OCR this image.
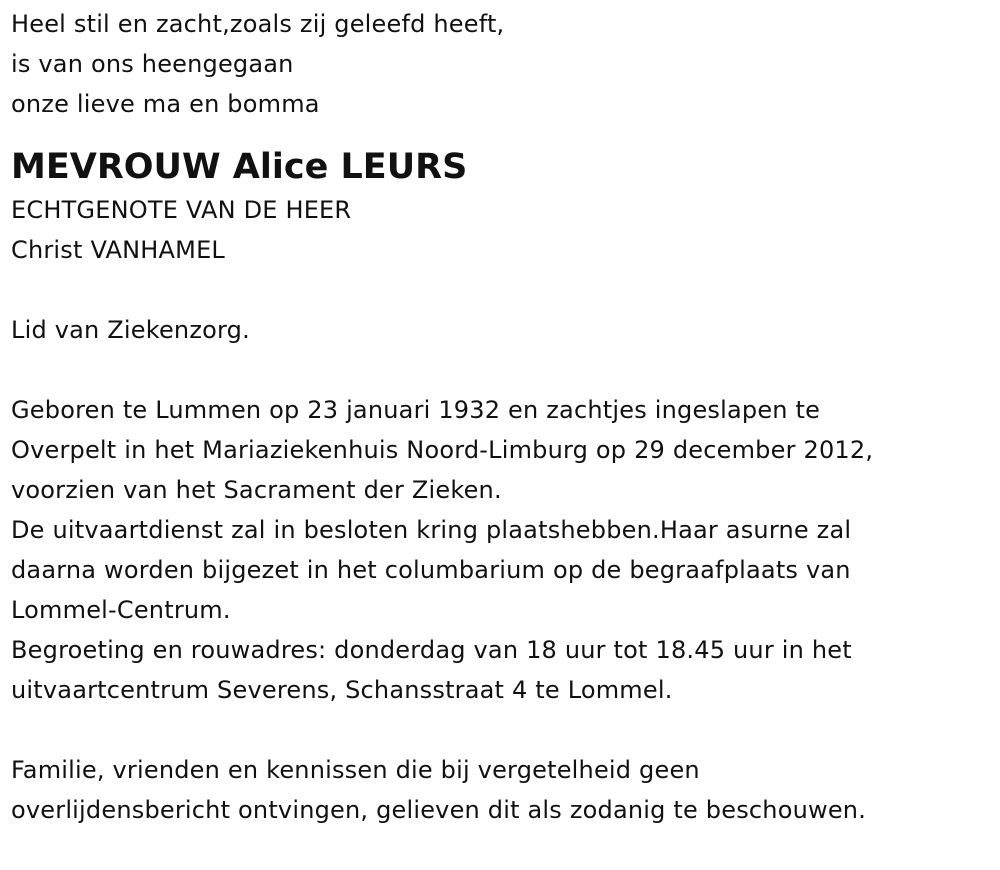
Heel stil en zacht,zoals zij geleefd heeft,
is van ons heengegaan
onze lieve ma en bomma
MEVROUW Alice LEURS
ECHTGENOTE VAN DE HEER
Christ VANHAMEL
Lid van Ziekenzorg.
Geboren te Lummen op 23 januari 1932 en zachtjes ingeslapen te
Overpelt in het Mariaziekenhuis Noord-Limburg op 29 december 2012,
voorzien van het Sacrament der Zieken.
De uitvaartdienst zal in besloten kring plaatshebben.Haar asurne zal
daarna worden bijgezet in het columbarium op de begraafplaats van
Lommel-Centrum.
Begroeting en rouwadres: donderdag van 18 uur tot 18.45 uur in het
uitvaartcentrum Severens, Schansstraat 4 te Lommel.
Familie, vrienden en kennissen die bij vergetelheid geen
overlijdensbericht ontvingen, gelieven dit als zodanig te beschouwen.
